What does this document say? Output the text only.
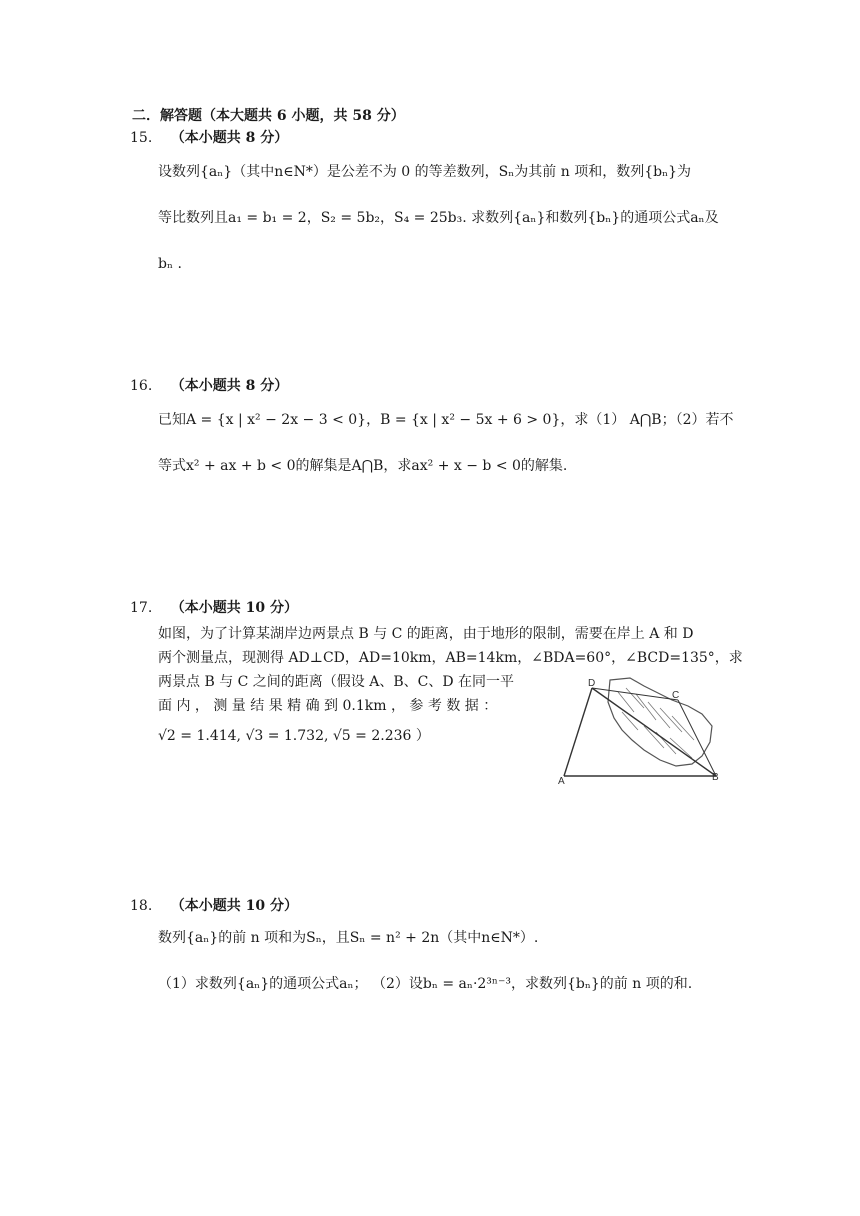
二．解答题（本大题共 6 小题，共 58 分）
15. （本小题共 8 分）
设数列{aₙ}（其中n∈N*）是公差不为 0 的等差数列，Sₙ为其前 n 项和，数列{bₙ}为
等比数列且a₁ = b₁ = 2，S₂ = 5b₂，S₄ = 25b₃. 求数列{aₙ}和数列{bₙ}的通项公式aₙ及
bₙ .
16. （本小题共 8 分）
已知A = {x | x² − 2x − 3 < 0}，B = {x | x² − 5x + 6 > 0}，求（1） A⋂B；（2）若不
等式x² + ax + b < 0的解集是A⋂B，求ax² + x − b < 0的解集.
17. （本小题共 10 分）
如图，为了计算某湖岸边两景点 B 与 C 的距离，由于地形的限制，需要在岸上 A 和 D
两个测量点，现测得 AD⊥CD，AD=10km，AB=14km，∠BDA=60°，∠BCD=135°，求
两景点 B 与 C 之间的距离（假设 A、B、C、D 在同一平
面 内 ， 测 量 结 果 精 确 到 0.1km ， 参 考 数 据 ：
√2 = 1.414, √3 = 1.732, √5 = 2.236 ）
D
C
A	B
18. （本小题共 10 分）
数列{aₙ}的前 n 项和为Sₙ，且Sₙ = n² + 2n（其中n∈N*）.
（1）求数列{aₙ}的通项公式aₙ； （2）设bₙ = aₙ·2³ⁿ⁻³，求数列{bₙ}的前 n 项的和.
